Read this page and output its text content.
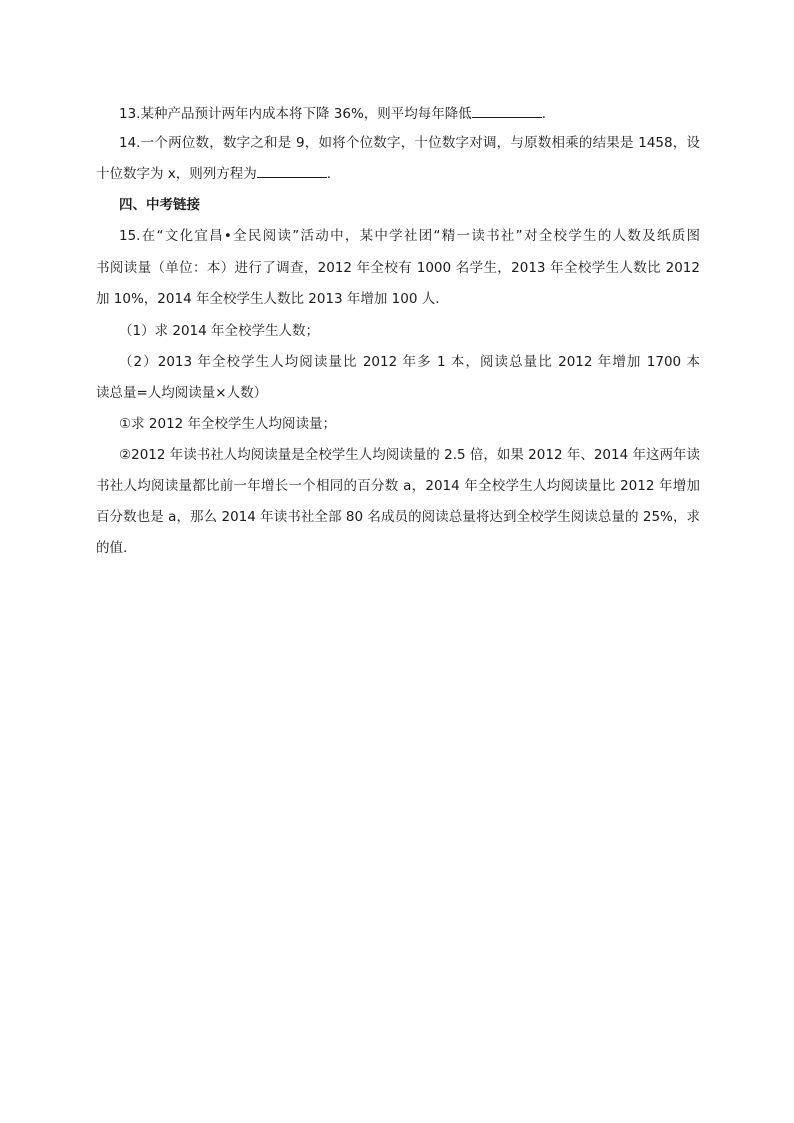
13.某种产品预计两年内成本将下降 36%，则平均每年降低	.
14.一个两位数，数字之和是 9，如将个位数字，十位数字对调，与原数相乘的结果是 1458，设
十位数字为 x，则列方程为	.
四、中考链接
15.在“文化宜昌•全民阅读”活动中，某中学社团“精一读书社”对全校学生的人数及纸质图
书阅读量（单位：本）进行了调查，2012 年全校有 1000 名学生，2013 年全校学生人数比 2012
加 10%，2014 年全校学生人数比 2013 年增加 100 人.
（1）求 2014 年全校学生人数；
（2）2013 年全校学生人均阅读量比 2012 年多 1 本，阅读总量比 2012 年增加 1700 本
读总量=人均阅读量×人数）
①求 2012 年全校学生人均阅读量；
②2012 年读书社人均阅读量是全校学生人均阅读量的 2.5 倍，如果 2012 年、2014 年这两年读
书社人均阅读量都比前一年增长一个相同的百分数 a，2014 年全校学生人均阅读量比 2012 年增加
百分数也是 a，那么 2014 年读书社全部 80 名成员的阅读总量将达到全校学生阅读总量的 25%，求
的值.
